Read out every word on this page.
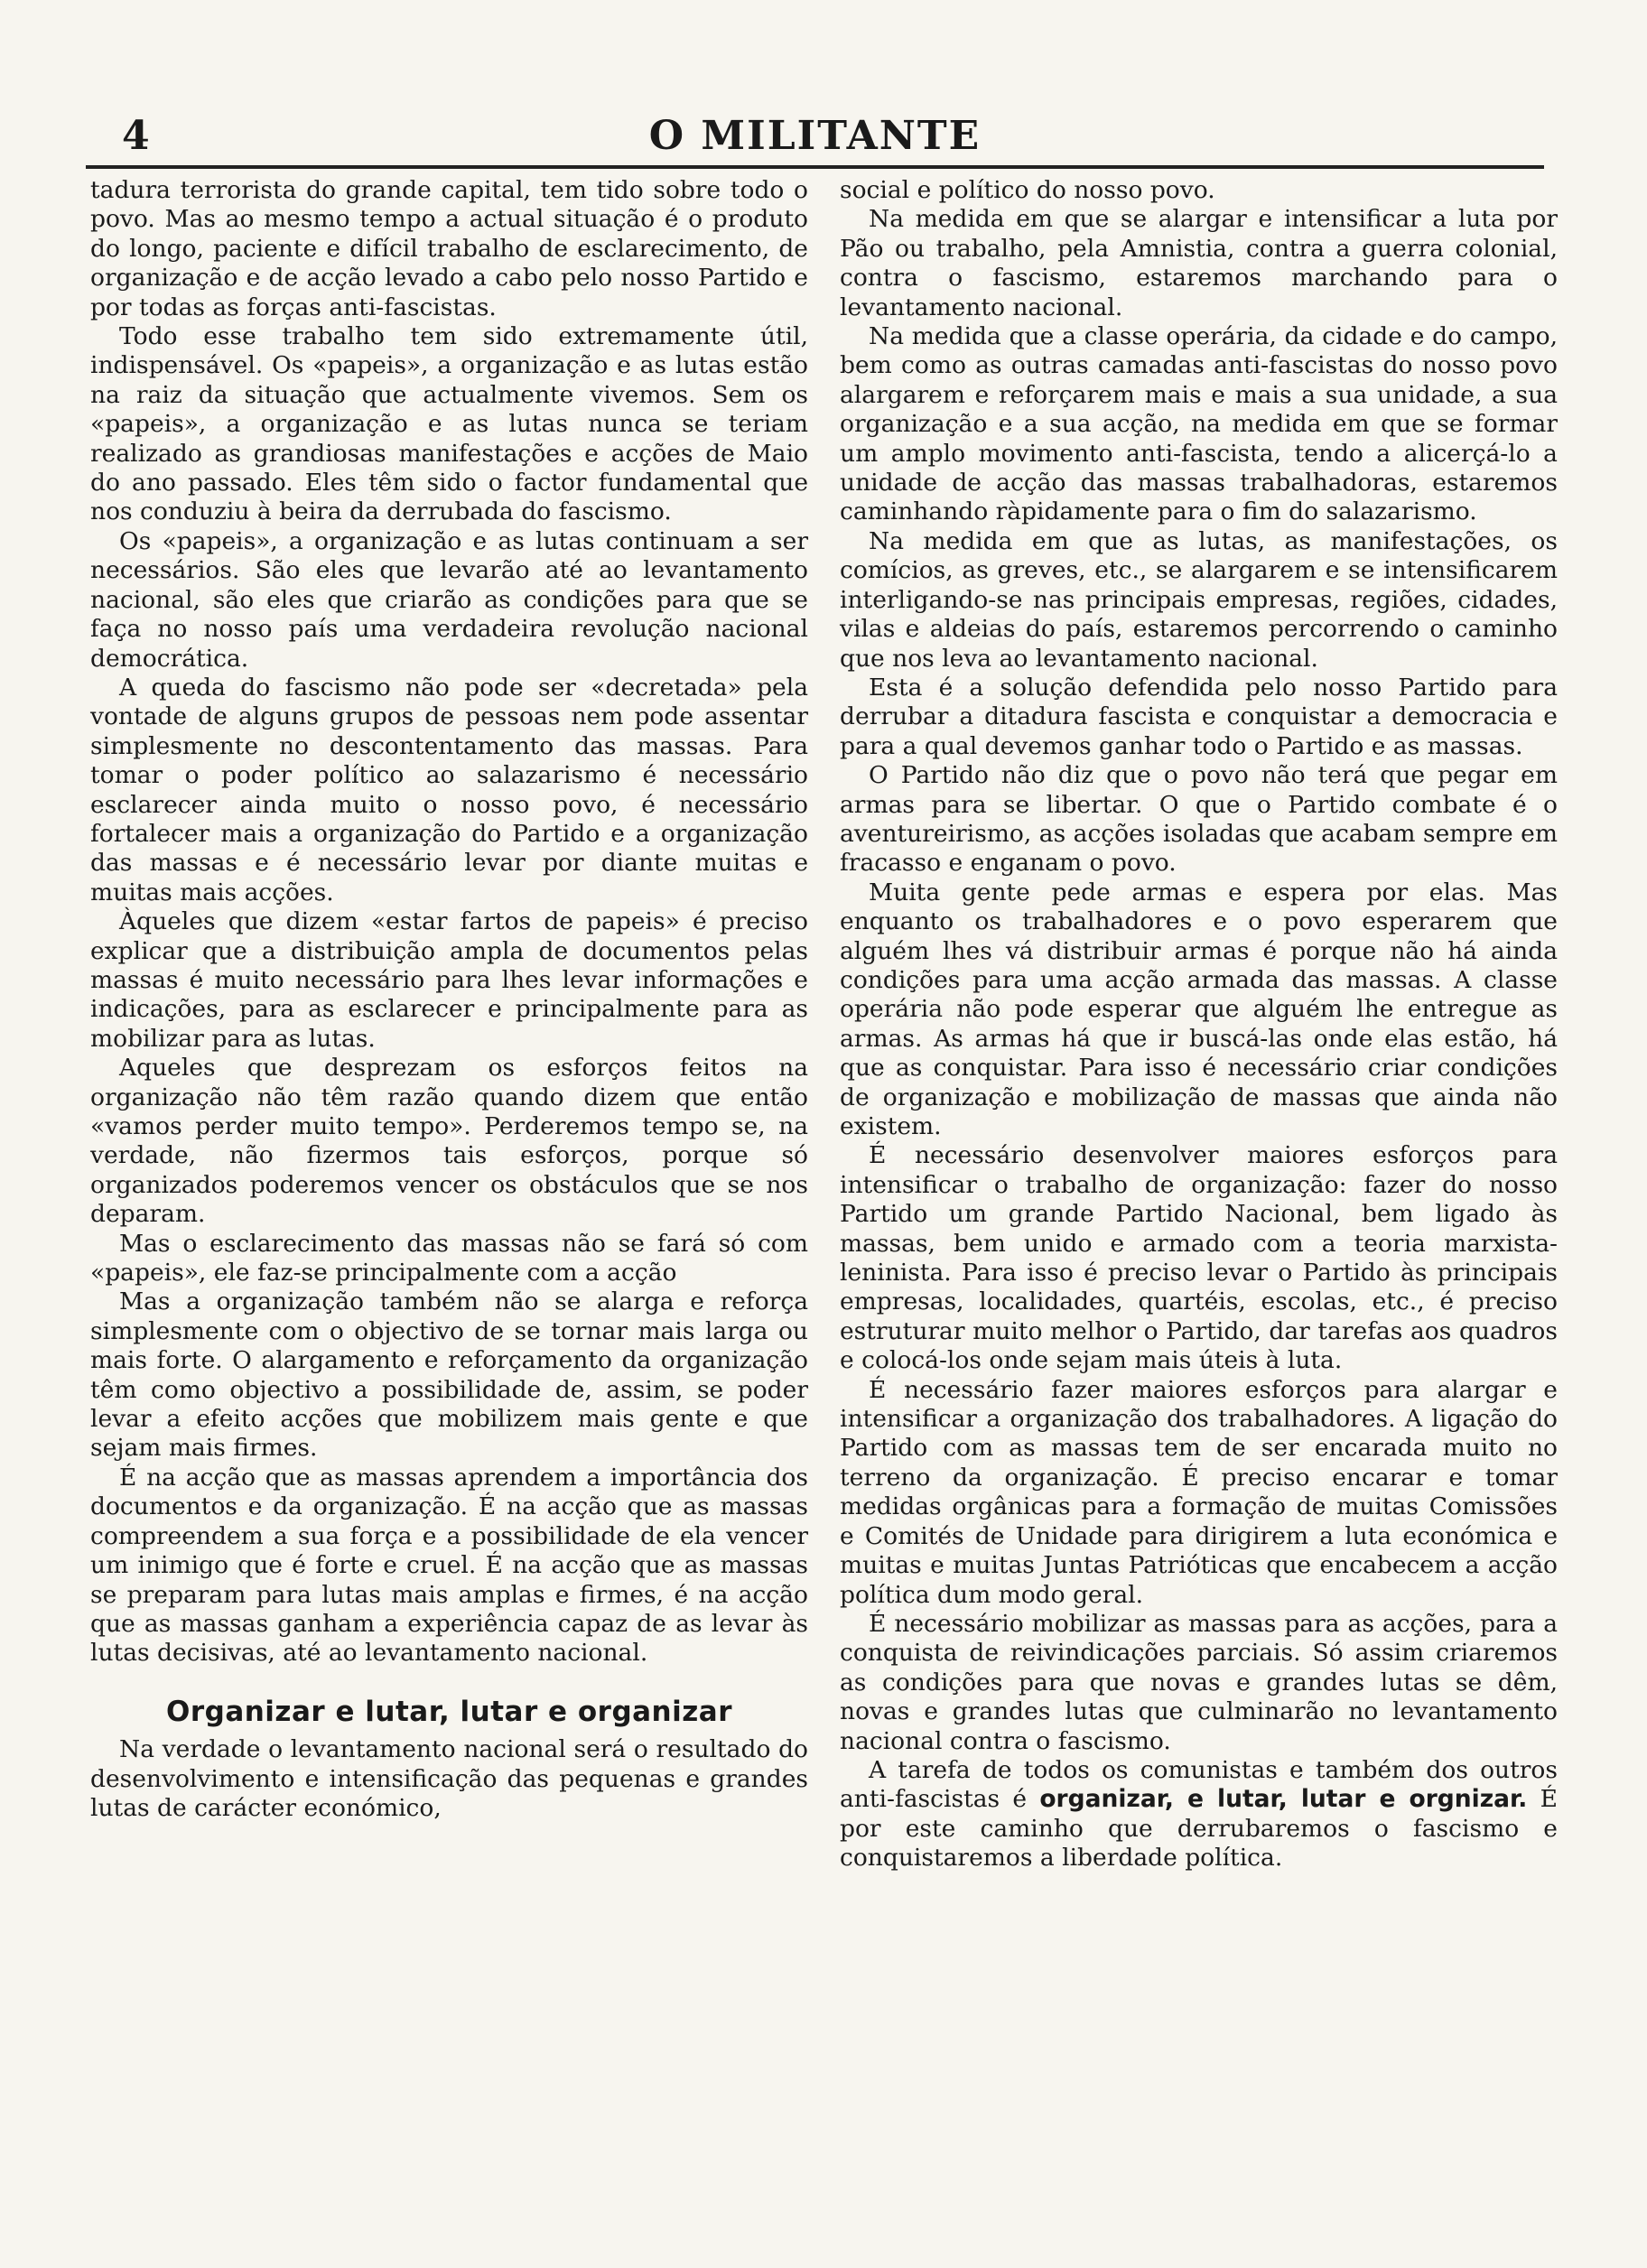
4	O MILITANTE

tadura terrorista do grande capital, tem tido sobre todo o povo. Mas ao mesmo tempo a actual situação é o produto do longo, paciente e difícil trabalho de esclarecimento, de organização e de acção levado a cabo pelo nosso Partido e por todas as forças anti-fascistas.

Todo esse trabalho tem sido extremamente útil, indispensável. Os «papeis», a organização e as lutas estão na raiz da situação que actualmente vivemos. Sem os «papeis», a organização e as lutas nunca se teriam realizado as grandiosas manifestações e acções de Maio do ano passado. Eles têm sido o factor fundamental que nos conduziu à beira da derrubada do fascismo.

Os «papeis», a organização e as lutas continuam a ser necessários. São eles que levarão até ao levantamento nacional, são eles que criarão as condições para que se faça no nosso país uma verdadeira revolução nacional democrática.

A queda do fascismo não pode ser «decretada» pela vontade de alguns grupos de pessoas nem pode assentar simplesmente no descontentamento das massas. Para tomar o poder político ao salazarismo é necessário esclarecer ainda muito o nosso povo, é necessário fortalecer mais a organização do Partido e a organização das massas e é necessário levar por diante muitas e muitas mais acções.

Àqueles que dizem «estar fartos de papeis» é preciso explicar que a distribuição ampla de documentos pelas massas é muito necessário para lhes levar informações e indicações, para as esclarecer e principalmente para as mobilizar para as lutas.

Aqueles que desprezam os esforços feitos na organização não têm razão quando dizem que então «vamos perder muito tempo». Perderemos tempo se, na verdade, não fizermos tais esforços, porque só organizados poderemos vencer os obstáculos que se nos deparam.

Mas o esclarecimento das massas não se fará só com «papeis», ele faz-se principalmente com a acção

Mas a organização também não se alarga e reforça simplesmente com o objectivo de se tornar mais larga ou mais forte. O alargamento e reforçamento da organização têm como objectivo a possibilidade de, assim, se poder levar a efeito acções que mobilizem mais gente e que sejam mais firmes.

É na acção que as massas aprendem a importância dos documentos e da organização. É na acção que as massas compreendem a sua força e a possibilidade de ela vencer um inimigo que é forte e cruel. É na acção que as massas se preparam para lutas mais amplas e firmes, é na acção que as massas ganham a experiência capaz de as levar às lutas decisivas, até ao levantamento nacional.

Organizar e lutar, lutar e organizar

Na verdade o levantamento nacional será o resultado do desenvolvimento e intensificação das pequenas e grandes lutas de carácter económico,

social e político do nosso povo.

Na medida em que se alargar e intensificar a luta por Pão ou trabalho, pela Amnistia, contra a guerra colonial, contra o fascismo, estaremos marchando para o levantamento nacional.

Na medida que a classe operária, da cidade e do campo, bem como as outras camadas anti-fascistas do nosso povo alargarem e reforçarem mais e mais a sua unidade, a sua organização e a sua acção, na medida em que se formar um amplo movimento anti-fascista, tendo a alicerçá-lo a unidade de acção das massas trabalhadoras, estaremos caminhando ràpidamente para o fim do salazarismo.

Na medida em que as lutas, as manifestações, os comícios, as greves, etc., se alargarem e se intensificarem interligando-se nas principais empresas, regiões, cidades, vilas e aldeias do país, estaremos percorrendo o caminho que nos leva ao levantamento nacional.

Esta é a solução defendida pelo nosso Partido para derrubar a ditadura fascista e conquistar a democracia e para a qual devemos ganhar todo o Partido e as massas.

O Partido não diz que o povo não terá que pegar em armas para se libertar. O que o Partido combate é o aventureirismo, as acções isoladas que acabam sempre em fracasso e enganam o povo.

Muita gente pede armas e espera por elas. Mas enquanto os trabalhadores e o povo esperarem que alguém lhes vá distribuir armas é porque não há ainda condições para uma acção armada das massas. A classe operária não pode esperar que alguém lhe entregue as armas. As armas há que ir buscá-las onde elas estão, há que as conquistar. Para isso é necessário criar condições de organização e mobilização de massas que ainda não existem.

É necessário desenvolver maiores esforços para intensificar o trabalho de organização: fazer do nosso Partido um grande Partido Nacional, bem ligado às massas, bem unido e armado com a teoria marxista-leninista. Para isso é preciso levar o Partido às principais empresas, localidades, quartéis, escolas, etc., é preciso estruturar muito melhor o Partido, dar tarefas aos quadros e colocá-los onde sejam mais úteis à luta.

É necessário fazer maiores esforços para alargar e intensificar a organização dos trabalhadores. A ligação do Partido com as massas tem de ser encarada muito no terreno da organização. É preciso encarar e tomar medidas orgânicas para a formação de muitas Comissões e Comités de Unidade para dirigirem a luta económica e muitas e muitas Juntas Patrióticas que encabecem a acção política dum modo geral.

É necessário mobilizar as massas para as acções, para a conquista de reivindicações parciais. Só assim criaremos as condições para que novas e grandes lutas se dêm, novas e grandes lutas que culminarão no levantamento nacional contra o fascismo.

A tarefa de todos os comunistas e também dos outros anti-fascistas é organizar, e lutar, lutar e orgnizar. É por este caminho que derrubaremos o fascismo e conquistaremos a liberdade política.
